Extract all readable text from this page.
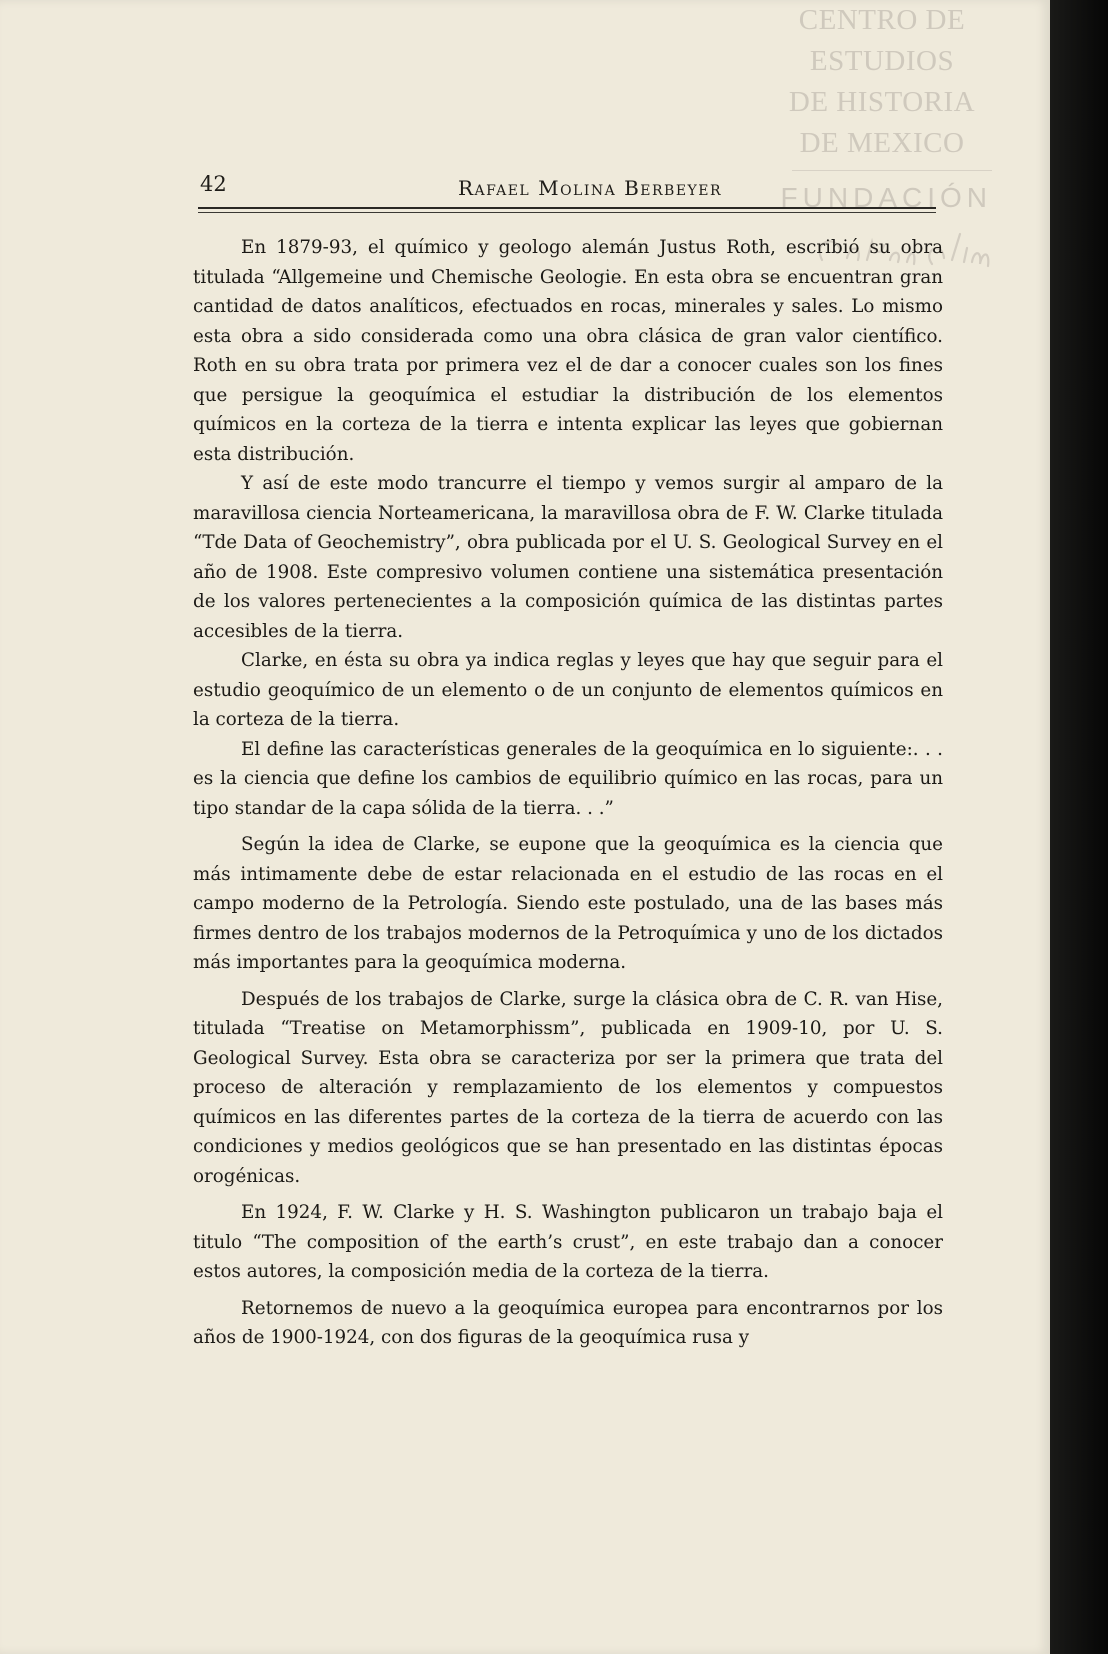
CENTRO DE
ESTUDIOS
DE HISTORIA
DE MEXICO
FUNDACIÓN
42	Rafael Molina Berbeyer

En 1879-93, el químico y geologo alemán Justus Roth, escribió su obra titulada “Allgemeine und Chemische Geologie. En esta obra se encuentran gran cantidad de datos analíticos, efectuados en rocas, minerales y sales. Lo mismo esta obra a sido considerada como una obra clásica de gran valor científico. Roth en su obra trata por primera vez el de dar a conocer cuales son los fines que persigue la geoquímica el estudiar la distribución de los elementos químicos en la corteza de la tierra e intenta explicar las leyes que gobiernan esta distribución.

Y así de este modo trancurre el tiempo y vemos surgir al amparo de la maravillosa ciencia Norteamericana, la maravillosa obra de F. W. Clarke titulada “Tde Data of Geochemistry”, obra publicada por el U. S. Geological Survey en el año de 1908. Este compresivo volumen contiene una sistemática presentación de los valores pertenecientes a la composición química de las distintas partes accesibles de la tierra.

Clarke, en ésta su obra ya indica reglas y leyes que hay que seguir para el estudio geoquímico de un elemento o de un conjunto de elementos químicos en la corteza de la tierra.

El define las características generales de la geoquímica en lo siguiente:. . . es la ciencia que define los cambios de equilibrio químico en las rocas, para un tipo standar de la capa sólida de la tierra. . .”

Según la idea de Clarke, se eupone que la geoquímica es la ciencia que más intimamente debe de estar relacionada en el estudio de las rocas en el campo moderno de la Petrología. Siendo este postulado, una de las bases más firmes dentro de los trabajos modernos de la Petroquímica y uno de los dictados más importantes para la geoquímica moderna.

Después de los trabajos de Clarke, surge la clásica obra de C. R. van Hise, titulada “Treatise on Metamorphissm”, publicada en 1909-10, por U. S. Geological Survey. Esta obra se caracteriza por ser la primera que trata del proceso de alteración y remplazamiento de los elementos y compuestos químicos en las diferentes partes de la corteza de la tierra de acuerdo con las condiciones y medios geológicos que se han presentado en las distintas épocas orogénicas.

En 1924, F. W. Clarke y H. S. Washington publicaron un trabajo baja el titulo “The composition of the earth’s crust”, en este trabajo dan a conocer estos autores, la composición media de la corteza de la tierra.

Retornemos de nuevo a la geoquímica europea para encontrarnos por los años de 1900-1924, con dos figuras de la geoquímica rusa y
